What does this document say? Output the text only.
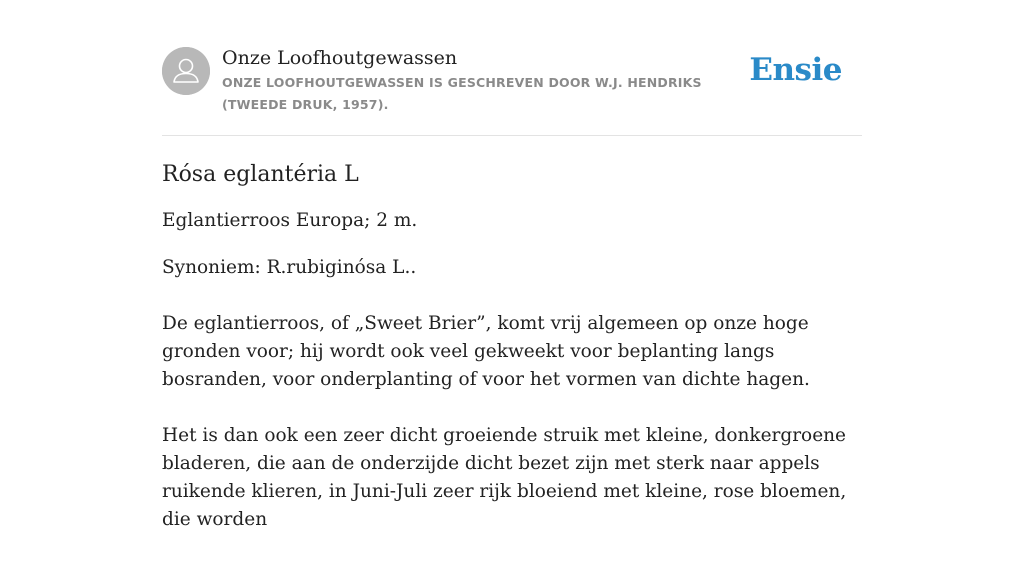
Onze Loofhoutgewassen
ONZE LOOFHOUTGEWASSEN IS GESCHREVEN DOOR W.J. HENDRIKS (TWEEDE DRUK, 1957).
Ensie
Rósa eglantéria L

Eglantierroos Europa; 2 m.

Synoniem: R.rubiginósa L..

De eglantierroos, of „Sweet Brier”, komt vrij algemeen op onze hoge gronden voor; hij wordt ook veel gekweekt voor beplanting langs bosranden, voor onderplanting of voor het vormen van dichte hagen.

Het is dan ook een zeer dicht groeiende struik met kleine, donkergroene bladeren, die aan de onderzijde dicht bezet zijn met sterk naar appels ruikende klieren, in Juni-Juli zeer rijk bloeiend met kleine, rose bloemen, die worden
